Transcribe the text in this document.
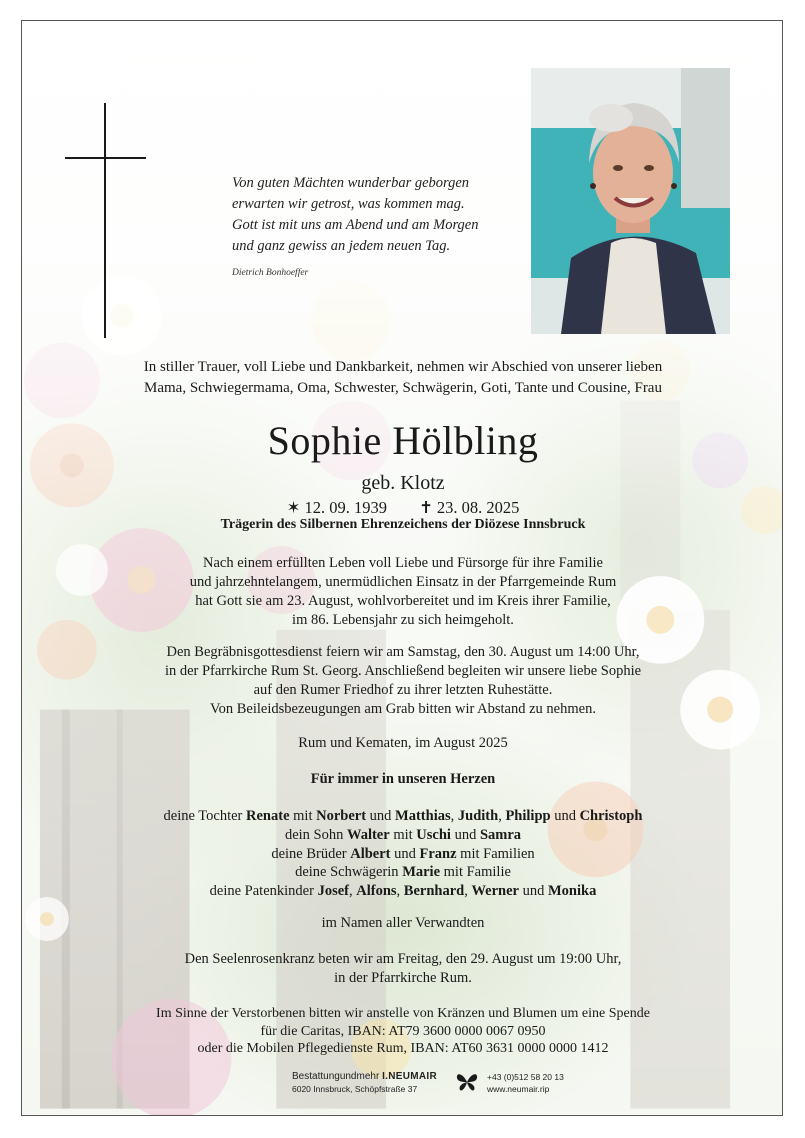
Von guten Mächten wunderbar geborgen
erwarten wir getrost, was kommen mag.
Gott ist mit uns am Abend und am Morgen
und ganz gewiss an jedem neuen Tag.
Dietrich Bonhoeffer
In stiller Trauer, voll Liebe und Dankbarkeit, nehmen wir Abschied von unserer lieben
Mama, Schwiegermama, Oma, Schwester, Schwägerin, Goti, Tante und Cousine, Frau
Sophie Hölbling
geb. Klotz
✶ 12. 09. 1939 ✝ 23. 08. 2025
Trägerin des Silbernen Ehrenzeichens der Diözese Innsbruck
Nach einem erfüllten Leben voll Liebe und Fürsorge für ihre Familie
und jahrzehntelangem, unermüdlichen Einsatz in der Pfarrgemeinde Rum
hat Gott sie am 23. August, wohlvorbereitet und im Kreis ihrer Familie,
im 86. Lebensjahr zu sich heimgeholt.
Den Begräbnisgottesdienst feiern wir am Samstag, den 30. August um 14:00 Uhr,
in der Pfarrkirche Rum St. Georg. Anschließend begleiten wir unsere liebe Sophie
auf den Rumer Friedhof zu ihrer letzten Ruhestätte.
Von Beileidsbezeugungen am Grab bitten wir Abstand zu nehmen.
Rum und Kematen, im August 2025
Für immer in unseren Herzen
deine Tochter Renate mit Norbert und Matthias, Judith, Philipp und Christoph
dein Sohn Walter mit Uschi und Samra
deine Brüder Albert und Franz mit Familien
deine Schwägerin Marie mit Familie
deine Patenkinder Josef, Alfons, Bernhard, Werner und Monika
im Namen aller Verwandten
Den Seelenrosenkranz beten wir am Freitag, den 29. August um 19:00 Uhr,
in der Pfarrkirche Rum.
Im Sinne der Verstorbenen bitten wir anstelle von Kränzen und Blumen um eine Spende
für die Caritas, IBAN: AT79 3600 0000 0067 0950
oder die Mobilen Pflegedienste Rum, IBAN: AT60 3631 0000 0000 1412
Bestattungundmehr I.NEUMAIR
6020 Innsbruck, Schöpfstraße 37
+43 (0)512 58 20 13
www.neumair.rip
